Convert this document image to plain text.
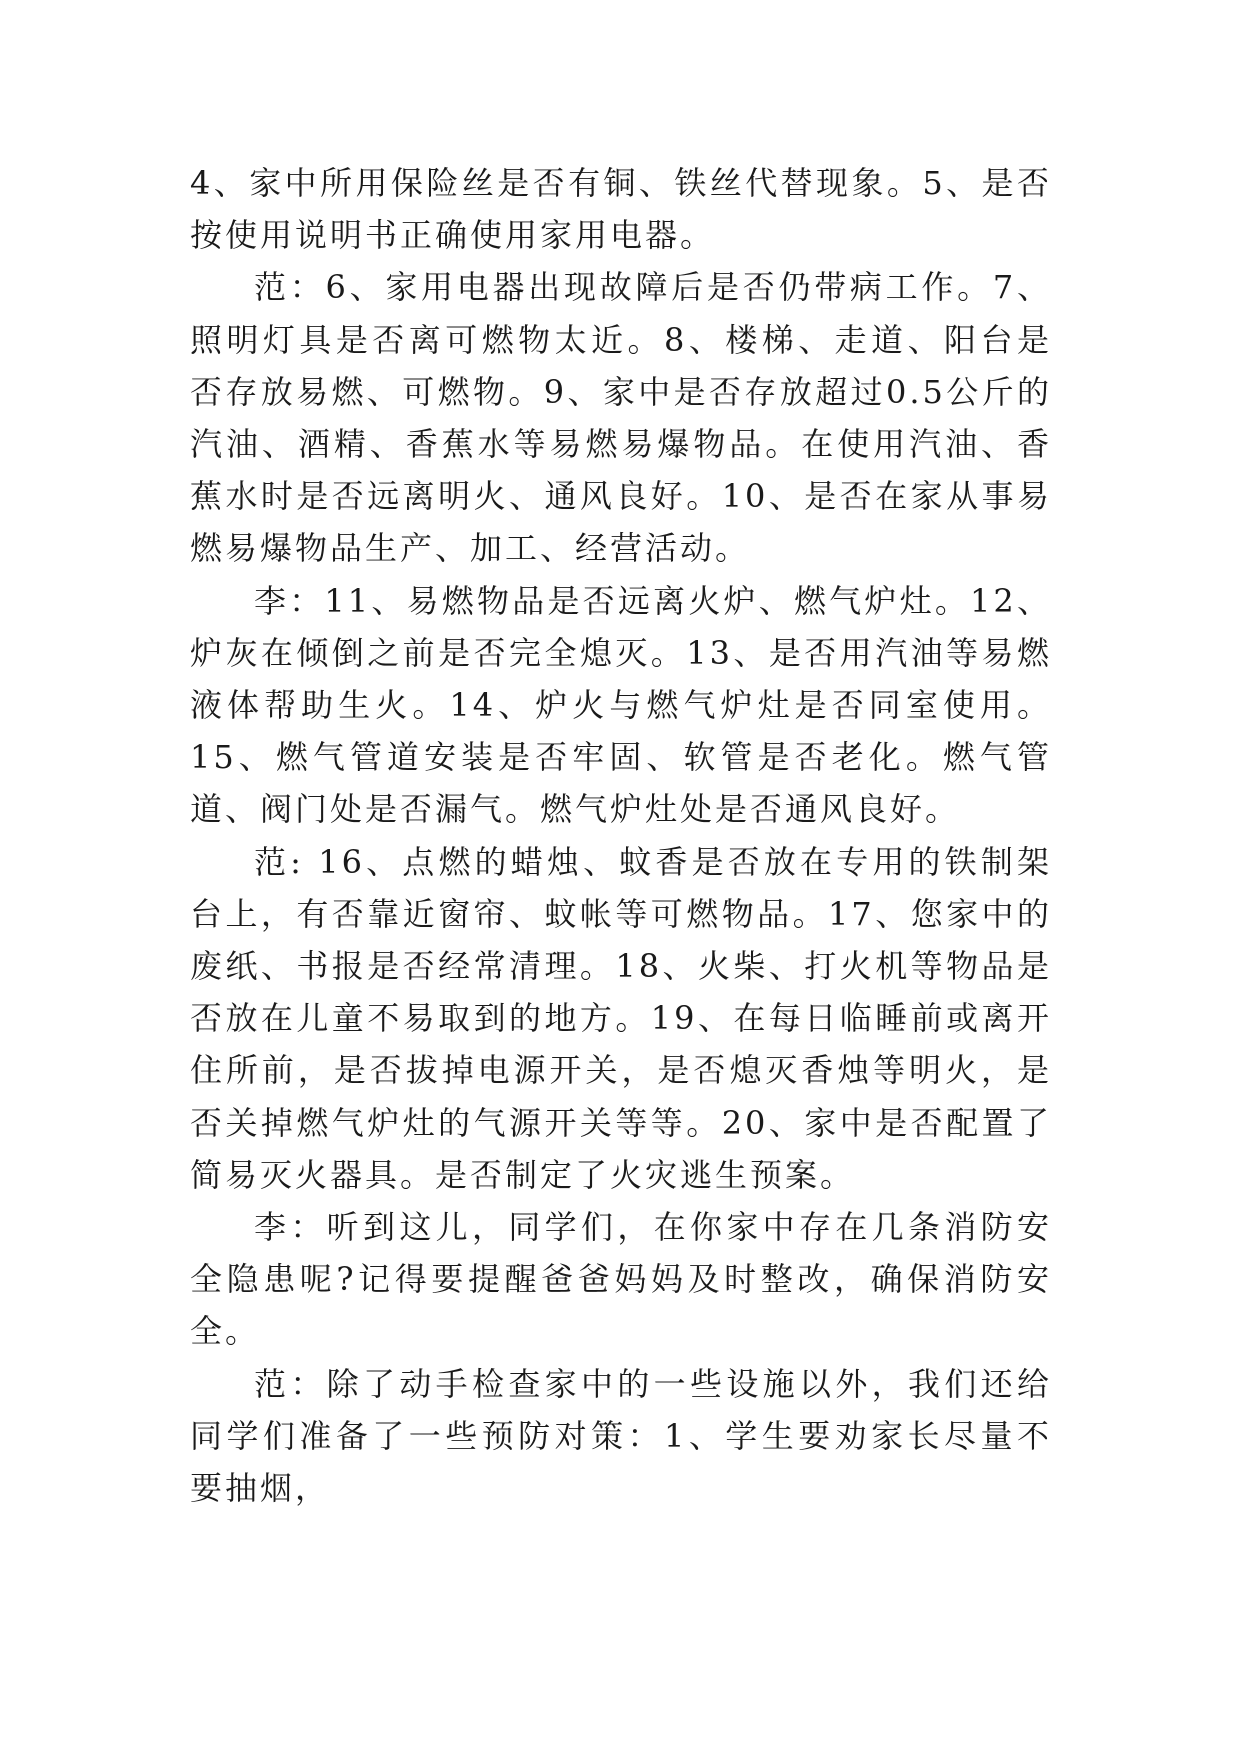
4、家中所用保险丝是否有铜、铁丝代替现象。5、是否按使用说明书正确使用家用电器。

范：6、家用电器出现故障后是否仍带病工作。7、照明灯具是否离可燃物太近。8、楼梯、走道、阳台是否存放易燃、可燃物。9、家中是否存放超过0.5公斤的汽油、酒精、香蕉水等易燃易爆物品。在使用汽油、香蕉水时是否远离明火、通风良好。10、是否在家从事易燃易爆物品生产、加工、经营活动。

李：11、易燃物品是否远离火炉、燃气炉灶。12、炉灰在倾倒之前是否完全熄灭。13、是否用汽油等易燃液体帮助生火。14、炉火与燃气炉灶是否同室使用。15、燃气管道安装是否牢固、软管是否老化。燃气管道、阀门处是否漏气。燃气炉灶处是否通风良好。

范: 16、点燃的蜡烛、蚊香是否放在专用的铁制架台上，有否靠近窗帘、蚊帐等可燃物品。17、您家中的废纸、书报是否经常清理。18、火柴、打火机等物品是否放在儿童不易取到的地方。19、在每日临睡前或离开住所前，是否拔掉电源开关，是否熄灭香烛等明火，是否关掉燃气炉灶的气源开关等等。20、家中是否配置了简易灭火器具。是否制定了火灾逃生预案。

李：听到这儿，同学们，在你家中存在几条消防安全隐患呢?记得要提醒爸爸妈妈及时整改，确保消防安全。

范：除了动手检查家中的一些设施以外，我们还给同学们准备了一些预防对策：1、学生要劝家长尽量不要抽烟，
